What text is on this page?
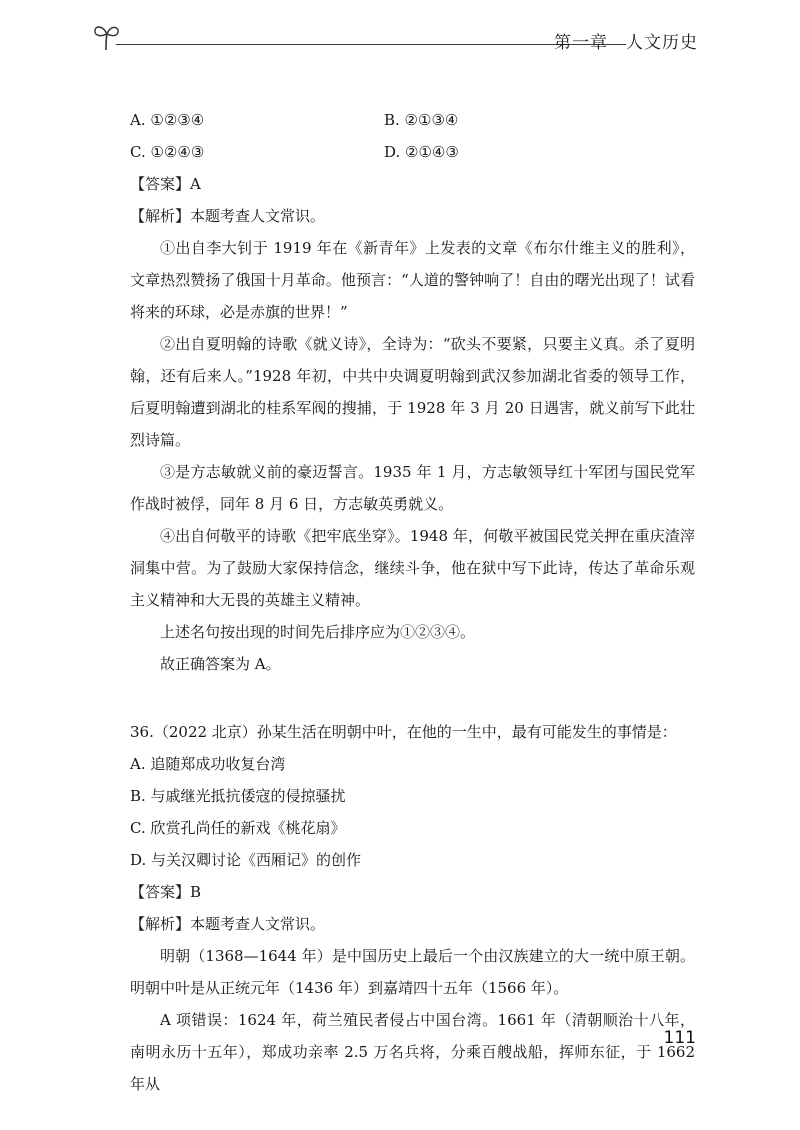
第一章 人文历史
A. ①②③④	B. ②①③④
C. ①②④③	D. ②①④③

【答案】A

【解析】本题考查人文常识。

①出自李大钊于 1919 年在《新青年》上发表的文章《布尔什维主义的胜利》，文章热烈赞扬了俄国十月革命。他预言：“人道的警钟响了！自由的曙光出现了！试看将来的环球，必是赤旗的世界！”

②出自夏明翰的诗歌《就义诗》，全诗为：“砍头不要紧，只要主义真。杀了夏明翰，还有后来人。”1928 年初，中共中央调夏明翰到武汉参加湖北省委的领导工作，后夏明翰遭到湖北的桂系军阀的搜捕，于 1928 年 3 月 20 日遇害，就义前写下此壮烈诗篇。

③是方志敏就义前的豪迈誓言。1935 年 1 月，方志敏领导红十军团与国民党军作战时被俘，同年 8 月 6 日，方志敏英勇就义。

④出自何敬平的诗歌《把牢底坐穿》。1948 年，何敬平被国民党关押在重庆渣滓洞集中营。为了鼓励大家保持信念，继续斗争，他在狱中写下此诗，传达了革命乐观主义精神和大无畏的英雄主义精神。

上述名句按出现的时间先后排序应为①②③④。

故正确答案为 A。

36.（2022 北京）孙某生活在明朝中叶，在他的一生中，最有可能发生的事情是：

A. 追随郑成功收复台湾

B. 与戚继光抵抗倭寇的侵掠骚扰

C. 欣赏孔尚任的新戏《桃花扇》

D. 与关汉卿讨论《西厢记》的创作

【答案】B

【解析】本题考查人文常识。

明朝（1368—1644 年）是中国历史上最后一个由汉族建立的大一统中原王朝。明朝中叶是从正统元年（1436 年）到嘉靖四十五年（1566 年）。

A 项错误：1624 年，荷兰殖民者侵占中国台湾。1661 年（清朝顺治十八年，南明永历十五年），郑成功亲率 2.5 万名兵将，分乘百艘战船，挥师东征，于 1662 年从

111
